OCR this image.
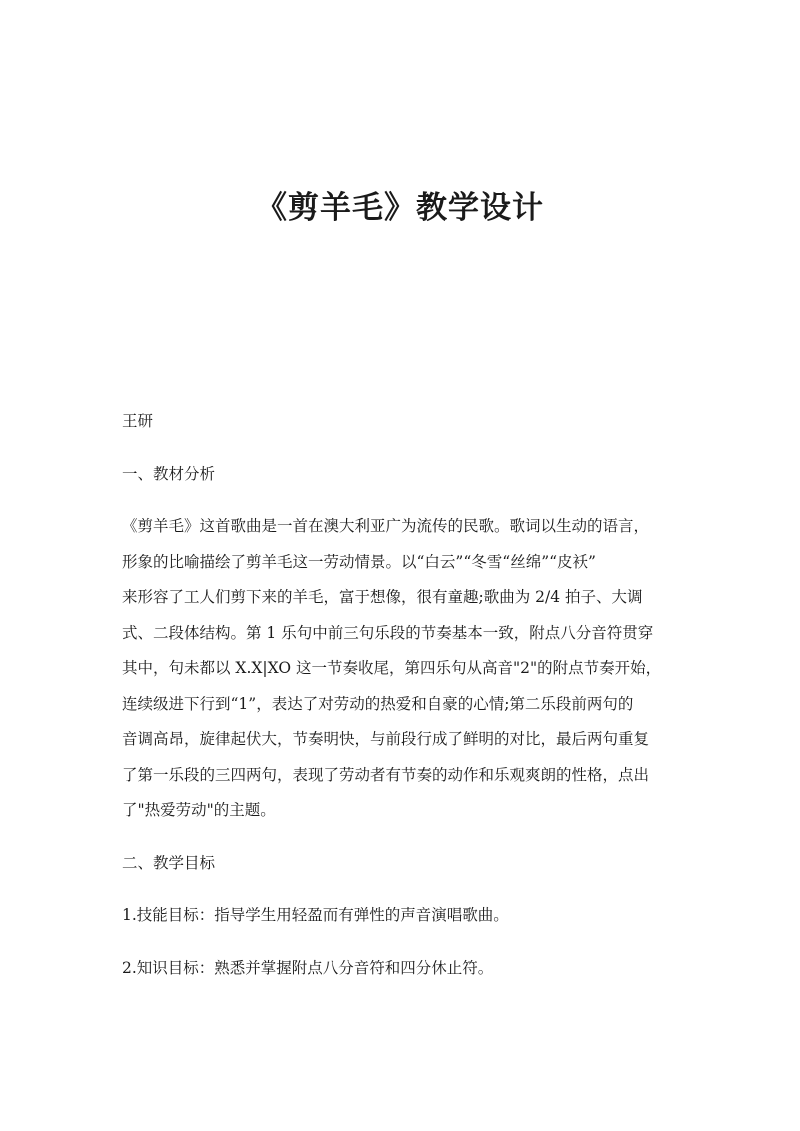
《剪羊毛》教学设计

王研

一、教材分析

《剪羊毛》这首歌曲是一首在澳大利亚广为流传的民歌。歌词以生动的语言，

形象的比喻描绘了剪羊毛这一劳动情景。以“白云”“冬雪“丝绵”“皮袄”

来形容了工人们剪下来的羊毛，富于想像，很有童趣;歌曲为 2/4 拍子、大调

式、二段体结构。第 1 乐句中前三句乐段的节奏基本一致，附点八分音符贯穿

其中，句未都以 X.X|XO 这一节奏收尾，第四乐句从高音"2"的附点节奏开始，

连续级进下行到“1”，表达了对劳动的热爱和自豪的心情;第二乐段前两句的

音调高昂，旋律起伏大，节奏明快，与前段行成了鲜明的对比，最后两句重复

了第一乐段的三四两句，表现了劳动者有节奏的动作和乐观爽朗的性格，点出

了"热爱劳动"的主题。

二、教学目标

1.技能目标：指导学生用轻盈而有弹性的声音演唱歌曲。

2.知识目标：熟悉并掌握附点八分音符和四分休止符。
